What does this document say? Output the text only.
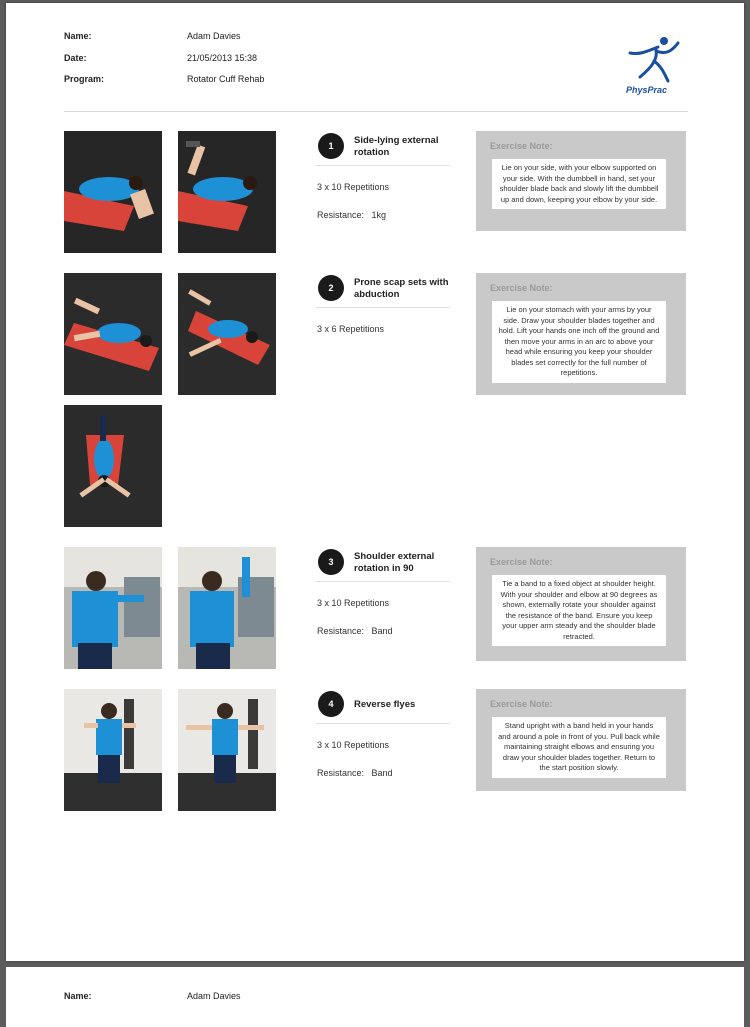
Name:	Adam Davies
Date:	21/05/2013 15:38
Program:	Rotator Cuff Rehab
PhysPrac
1	Side-lying external rotation
3 x 10 Repetitions
Resistance: 1kg
Exercise Note:
Lie on your side, with your elbow supported on your side. With the dumbbell in hand, set your shoulder blade back and slowly lift the dumbbell up and down, keeping your elbow by your side.
2	Prone scap sets with abduction
3 x 6 Repetitions
Exercise Note:
Lie on your stomach with your arms by your side. Draw your shoulder blades together and hold. Lift your hands one inch off the ground and then move your arms in an arc to above your head while ensuring you keep your shoulder blades set correctly for the full number of repetitions.
3	Shoulder external rotation in 90
3 x 10 Repetitions
Resistance: Band
Exercise Note:
Tie a band to a fixed object at shoulder height. With your shoulder and elbow at 90 degrees as shown, externally rotate your shoulder against the resistance of the band. Ensure you keep your upper arm steady and the shoulder blade retracted.
4	Reverse flyes
3 x 10 Repetitions
Resistance: Band
Exercise Note:
Stand upright with a band held in your hands and around a pole in front of you. Pull back while maintaining straight elbows and ensuring you draw your shoulder blades together. Return to the start position slowly.
Name:	Adam Davies
